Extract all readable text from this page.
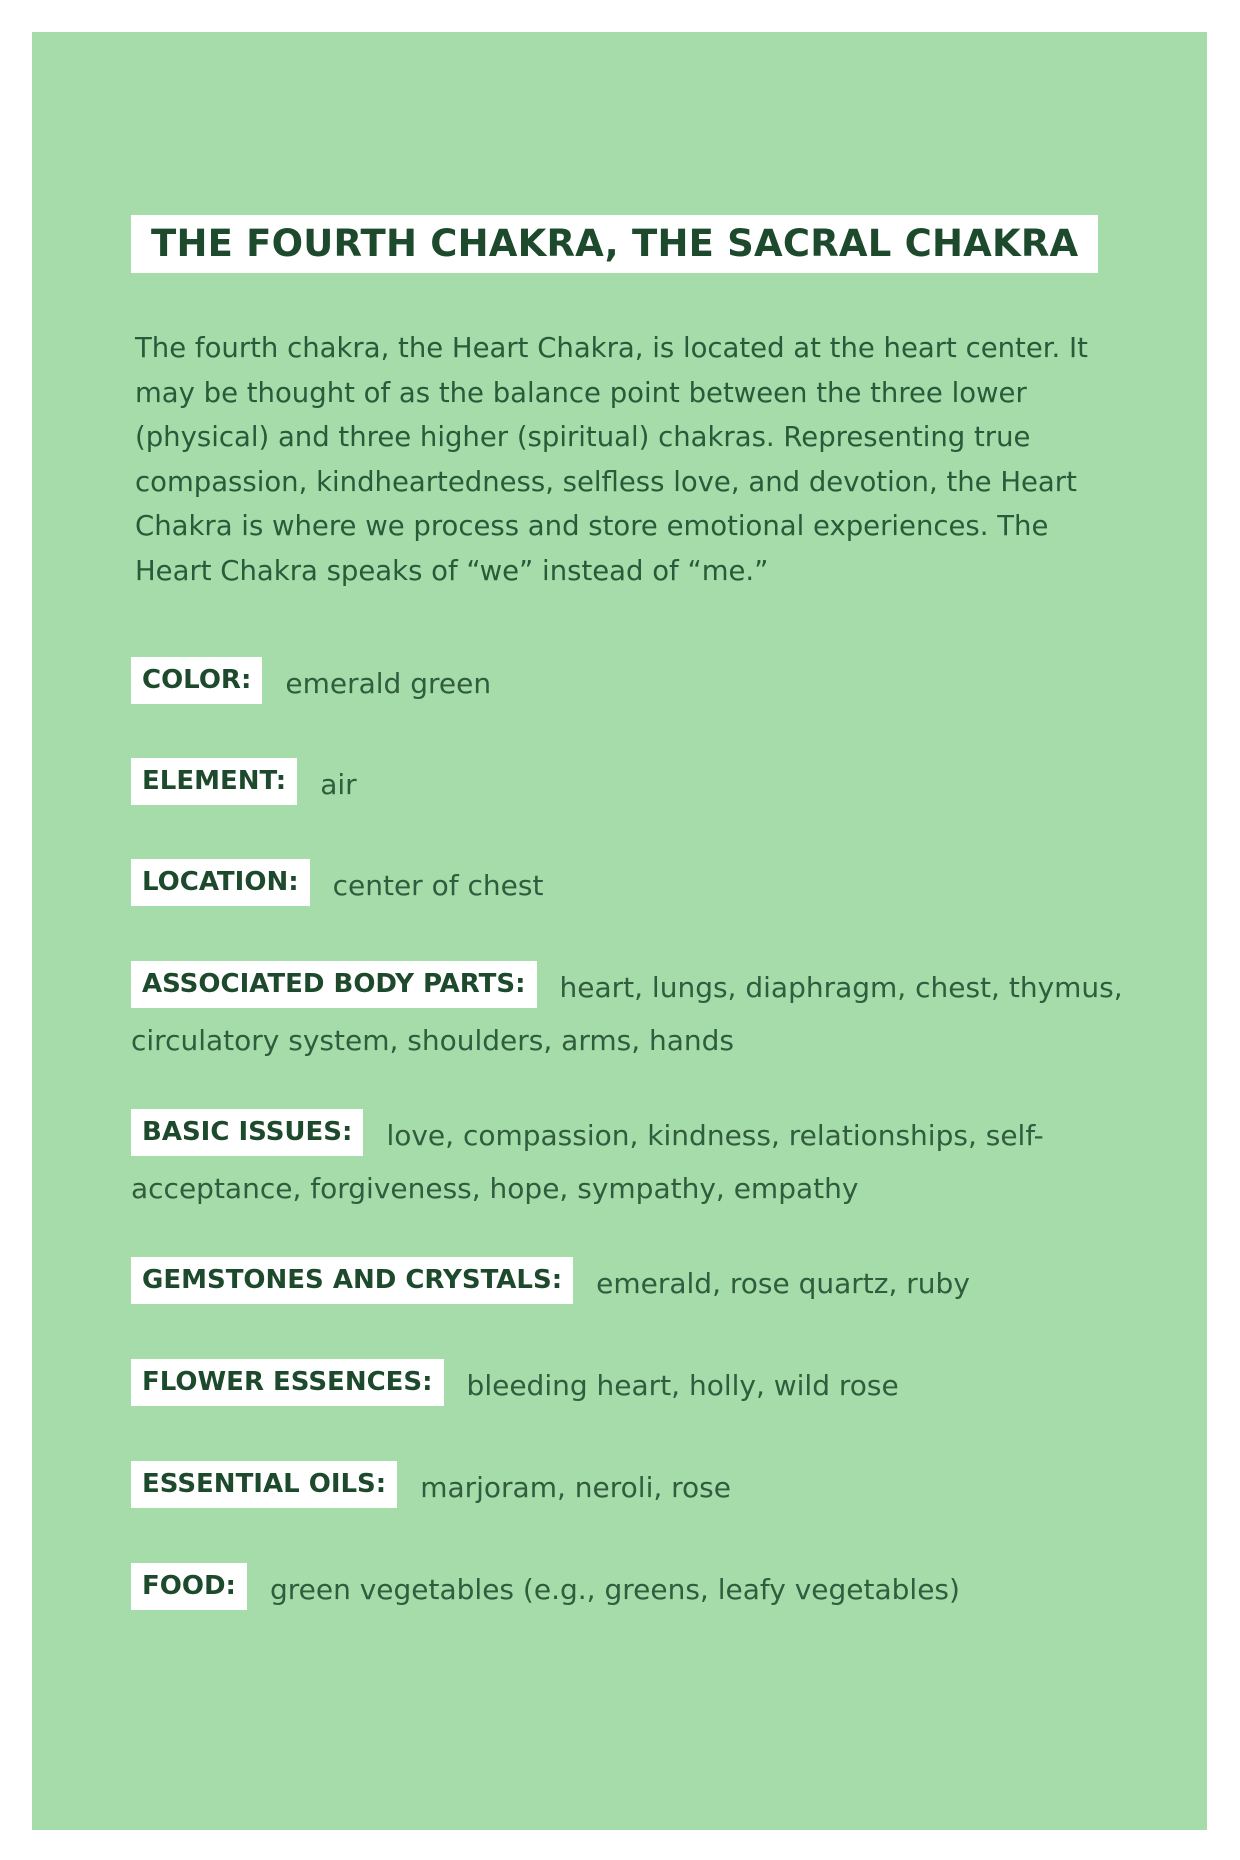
THE FOURTH CHAKRA, THE SACRAL CHAKRA

The fourth chakra, the Heart Chakra, is located at the heart center. It may be thought of as the balance point between the three lower (physical) and three higher (spiritual) chakras. Representing true compassion, kindheartedness, selfless love, and devotion, the Heart Chakra is where we process and store emotional experiences. The Heart Chakra speaks of “we” instead of “me.”

COLOR: emerald green
ELEMENT: air
LOCATION: center of chest
ASSOCIATED BODY PARTS: heart, lungs, diaphragm, chest, thymus, circulatory system, shoulders, arms, hands
BASIC ISSUES: love, compassion, kindness, relationships, self-acceptance, forgiveness, hope, sympathy, empathy
GEMSTONES AND CRYSTALS: emerald, rose quartz, ruby
FLOWER ESSENCES: bleeding heart, holly, wild rose
ESSENTIAL OILS: marjoram, neroli, rose
FOOD: green vegetables (e.g., greens, leafy vegetables)
